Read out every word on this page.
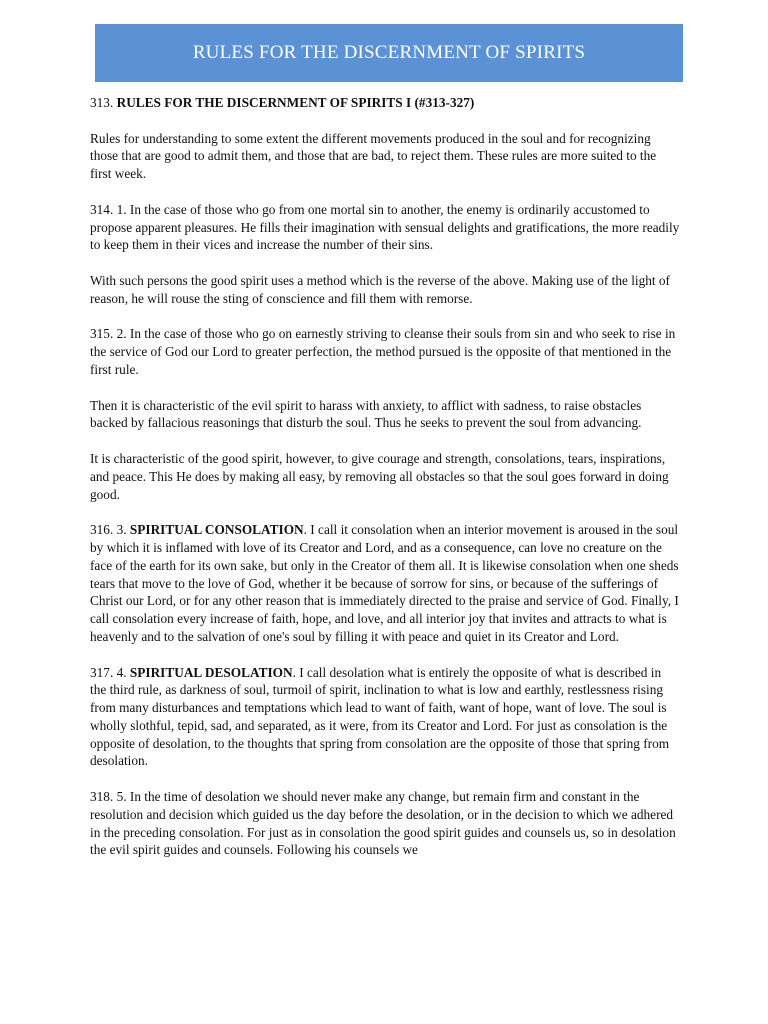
RULES FOR THE DISCERNMENT OF SPIRITS

313. RULES FOR THE DISCERNMENT OF SPIRITS I (#313-327)

Rules for understanding to some extent the different movements produced in the soul and for recognizing those that are good to admit them, and those that are bad, to reject them. These rules are more suited to the first week.

314. 1. In the case of those who go from one mortal sin to another, the enemy is ordinarily accustomed to propose apparent pleasures. He fills their imagination with sensual delights and gratifications, the more readily to keep them in their vices and increase the number of their sins.

With such persons the good spirit uses a method which is the reverse of the above. Making use of the light of reason, he will rouse the sting of conscience and fill them with remorse.

315. 2. In the case of those who go on earnestly striving to cleanse their souls from sin and who seek to rise in the service of God our Lord to greater perfection, the method pursued is the opposite of that mentioned in the first rule.

Then it is characteristic of the evil spirit to harass with anxiety, to afflict with sadness, to raise obstacles backed by fallacious reasonings that disturb the soul. Thus he seeks to prevent the soul from advancing.

It is characteristic of the good spirit, however, to give courage and strength, consolations, tears, inspirations, and peace. This He does by making all easy, by removing all obstacles so that the soul goes forward in doing good.

316. 3. SPIRITUAL CONSOLATION. I call it consolation when an interior movement is aroused in the soul by which it is inflamed with love of its Creator and Lord, and as a consequence, can love no creature on the face of the earth for its own sake, but only in the Creator of them all. It is likewise consolation when one sheds tears that move to the love of God, whether it be because of sorrow for sins, or because of the sufferings of Christ our Lord, or for any other reason that is immediately directed to the praise and service of God. Finally, I call consolation every increase of faith, hope, and love, and all interior joy that invites and attracts to what is heavenly and to the salvation of one's soul by filling it with peace and quiet in its Creator and Lord.

317. 4. SPIRITUAL DESOLATION. I call desolation what is entirely the opposite of what is described in the third rule, as darkness of soul, turmoil of spirit, inclination to what is low and earthly, restlessness rising from many disturbances and temptations which lead to want of faith, want of hope, want of love. The soul is wholly slothful, tepid, sad, and separated, as it were, from its Creator and Lord. For just as consolation is the opposite of desolation, to the thoughts that spring from consolation are the opposite of those that spring from desolation.

318. 5. In the time of desolation we should never make any change, but remain firm and constant in the resolution and decision which guided us the day before the desolation, or in the decision to which we adhered in the preceding consolation. For just as in consolation the good spirit guides and counsels us, so in desolation the evil spirit guides and counsels. Following his counsels we
